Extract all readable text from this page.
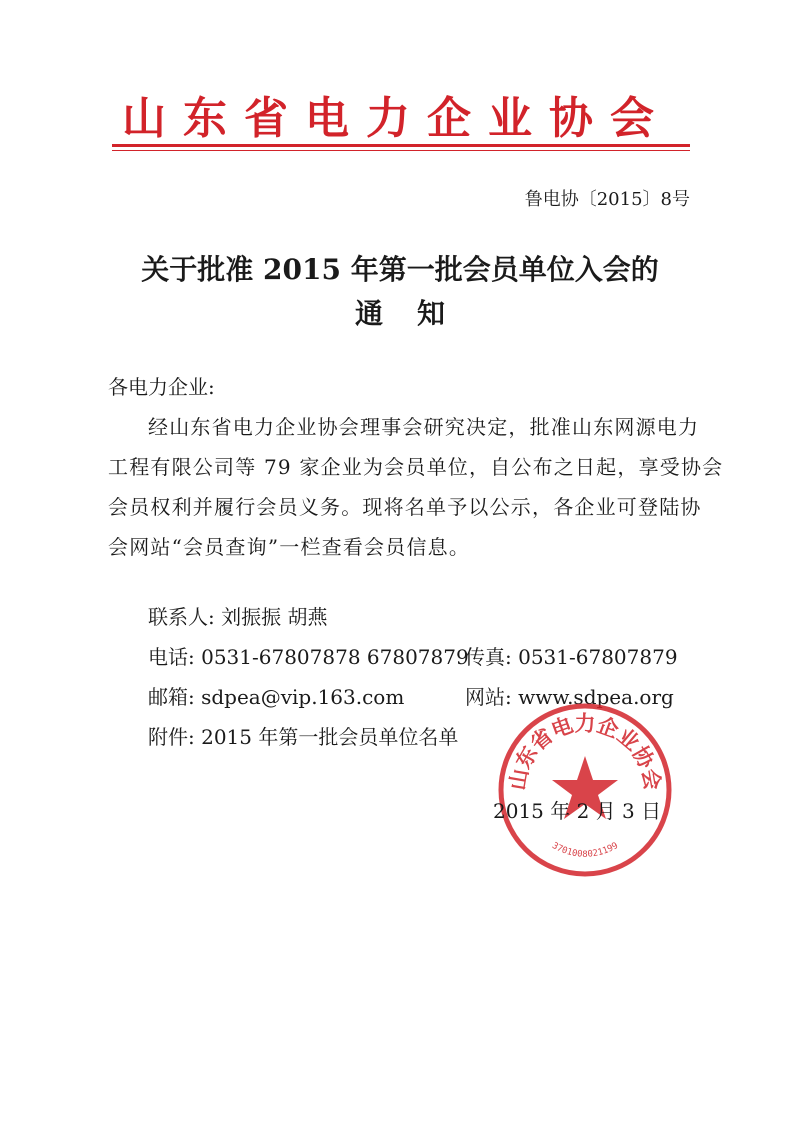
山东省电力企业协会
鲁电协〔2015〕8号
关于批准 2015 年第一批会员单位入会的
通知
各电力企业:
经山东省电力企业协会理事会研究决定，批准山东网源电力
工程有限公司等 79 家企业为会员单位，自公布之日起，享受协会
会员权利并履行会员义务。现将名单予以公示，各企业可登陆协
会网站“会员查询”一栏查看会员信息。
联系人: 刘振振 胡燕
电话: 0531-67807878 67807879
传真: 0531-67807879
邮箱: sdpea@vip.163.com	网站: www.sdpea.org
附件: 2015 年第一批会员单位名单
山东省电力企业协会
3701008021199
2015 年 2 月 3 日
